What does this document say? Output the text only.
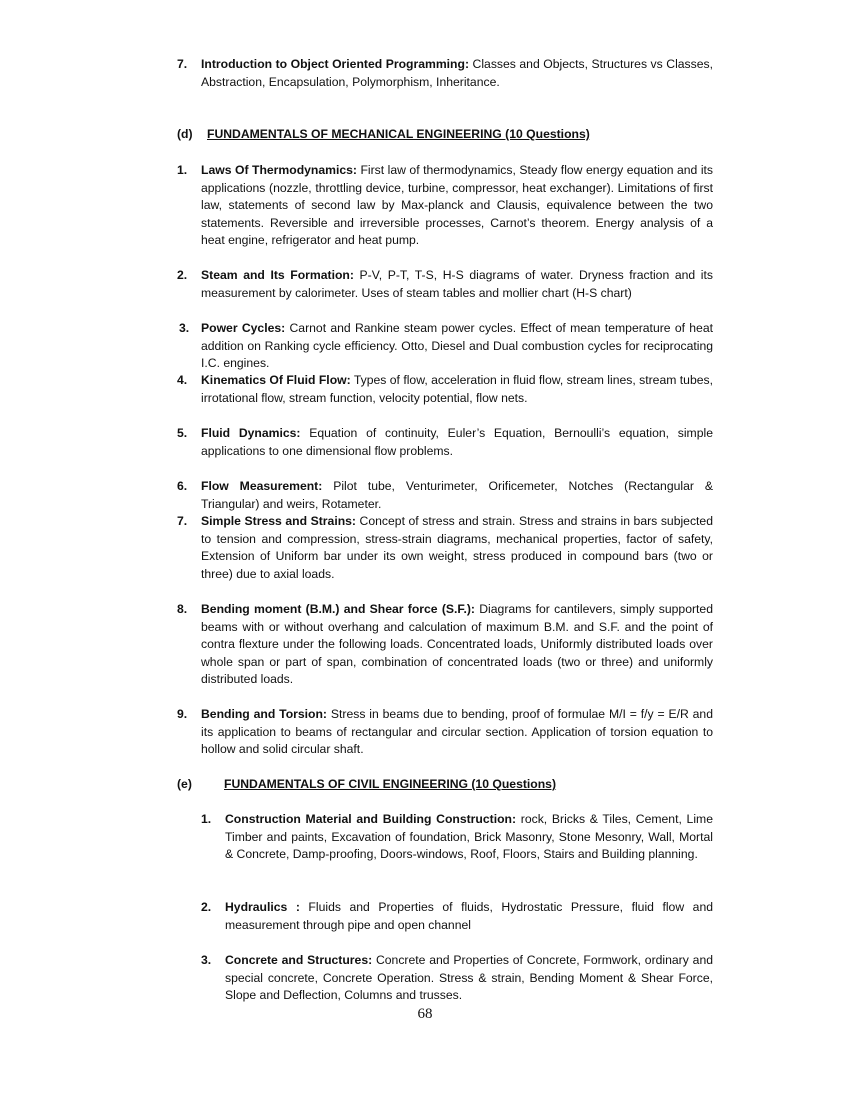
7. Introduction to Object Oriented Programming: Classes and Objects, Structures vs Classes, Abstraction, Encapsulation, Polymorphism, Inheritance.
(d) FUNDAMENTALS OF MECHANICAL ENGINEERING (10 Questions)
1. Laws Of Thermodynamics: First law of thermodynamics, Steady flow energy equation and its applications (nozzle, throttling device, turbine, compressor, heat exchanger). Limitations of first law, statements of second law by Max-planck and Clausis, equivalence between the two statements. Reversible and irreversible processes, Carnot’s theorem. Energy analysis of a heat engine, refrigerator and heat pump.
2. Steam and Its Formation: P-V, P-T, T-S, H-S diagrams of water. Dryness fraction and its measurement by calorimeter. Uses of steam tables and mollier chart (H-S chart)
3. Power Cycles: Carnot and Rankine steam power cycles. Effect of mean temperature of heat addition on Ranking cycle efficiency. Otto, Diesel and Dual combustion cycles for reciprocating I.C. engines.
4. Kinematics Of Fluid Flow: Types of flow, acceleration in fluid flow, stream lines, stream tubes, irrotational flow, stream function, velocity potential, flow nets.
5. Fluid Dynamics: Equation of continuity, Euler’s Equation, Bernoulli’s equation, simple applications to one dimensional flow problems.
6. Flow Measurement: Pilot tube, Venturimeter, Orificemeter, Notches (Rectangular & Triangular) and weirs, Rotameter.
7. Simple Stress and Strains: Concept of stress and strain. Stress and strains in bars subjected to tension and compression, stress-strain diagrams, mechanical properties, factor of safety, Extension of Uniform bar under its own weight, stress produced in compound bars (two or three) due to axial loads.
8. Bending moment (B.M.) and Shear force (S.F.): Diagrams for cantilevers, simply supported beams with or without overhang and calculation of maximum B.M. and S.F. and the point of contra flexture under the following loads. Concentrated loads, Uniformly distributed loads over whole span or part of span, combination of concentrated loads (two or three) and uniformly distributed loads.
9. Bending and Torsion: Stress in beams due to bending, proof of formulae M/I = f/y = E/R and its application to beams of rectangular and circular section. Application of torsion equation to hollow and solid circular shaft.
(e)	FUNDAMENTALS OF CIVIL ENGINEERING (10 Questions)
1. Construction Material and Building Construction: rock, Bricks & Tiles, Cement, Lime Timber and paints, Excavation of foundation, Brick Masonry, Stone Mesonry, Wall, Mortal & Concrete, Damp-proofing, Doors-windows, Roof, Floors, Stairs and Building planning.
2. Hydraulics : Fluids and Properties of fluids, Hydrostatic Pressure, fluid flow and measurement through pipe and open channel
3. Concrete and Structures: Concrete and Properties of Concrete, Formwork, ordinary and special concrete, Concrete Operation. Stress & strain, Bending Moment & Shear Force, Slope and Deflection, Columns and trusses.
68
